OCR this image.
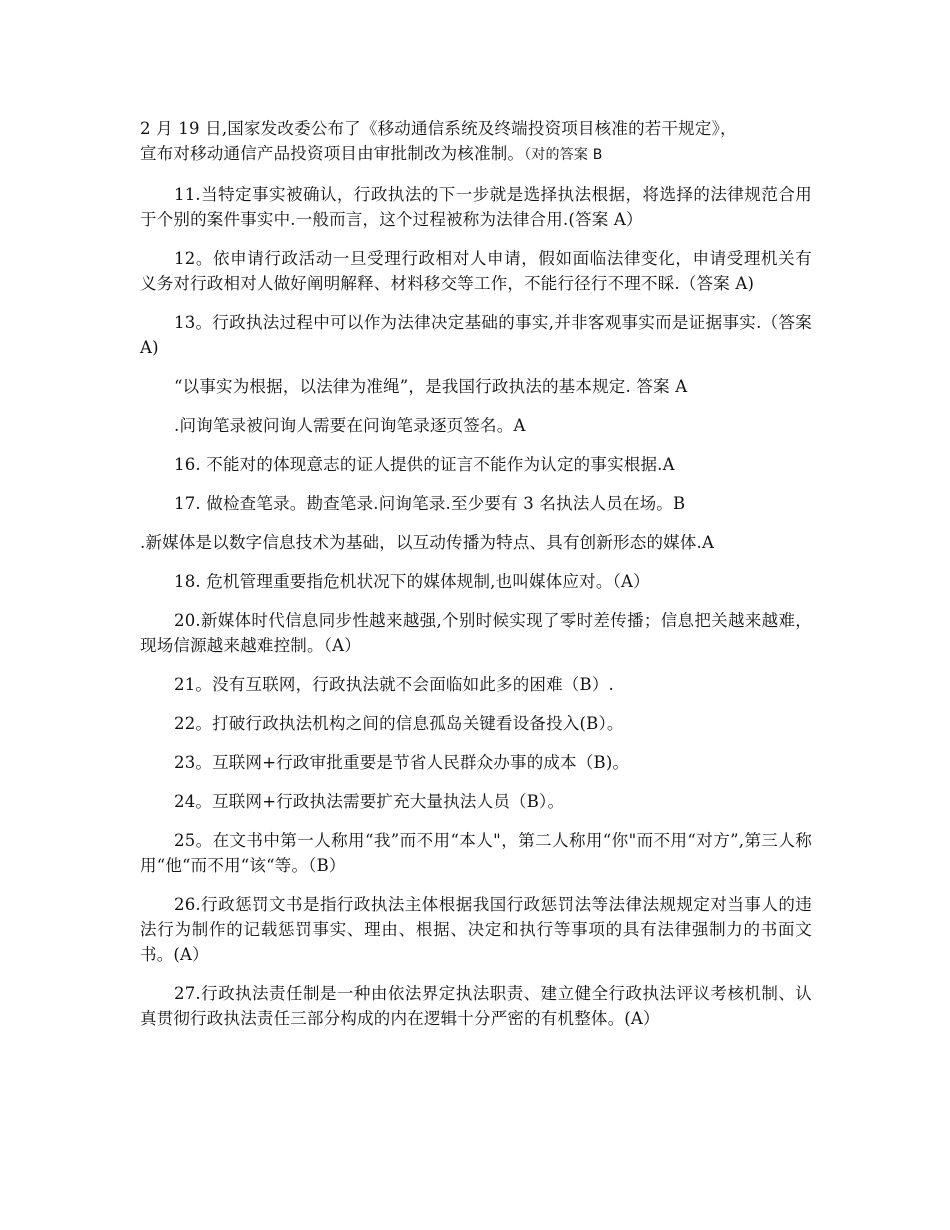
2 月 19 日,国家发改委公布了《移动通信系统及终端投资项目核准的若干规定》，
宣布对移动通信产品投资项目由审批制改为核准制。（对的答案 B

11.当特定事实被确认，行政执法的下一步就是选择执法根据，将选择的法律规范合用于个别的案件事实中.一般而言，这个过程被称为法律合用.(答案 A）

12。依申请行政活动一旦受理行政相对人申请，假如面临法律变化，申请受理机关有义务对行政相对人做好阐明解释、材料移交等工作，不能行径行不理不睬.（答案 A)

13。行政执法过程中可以作为法律决定基础的事实,并非客观事实而是证据事实.（答案 A)

“以事实为根据，以法律为准绳”，是我国行政执法的基本规定. 答案 A

.问询笔录被问询人需要在问询笔录逐页签名。A

16. 不能对的体现意志的证人提供的证言不能作为认定的事实根据.A

17. 做检查笔录。勘查笔录.问询笔录.至少要有 3 名执法人员在场。B

.新媒体是以数字信息技术为基础，以互动传播为特点、具有创新形态的媒体.A

18. 危机管理重要指危机状况下的媒体规制,也叫媒体应对。（A）

20.新媒体时代信息同步性越来越强,个别时候实现了零时差传播；信息把关越来越难，现场信源越来越难控制。（A）

21。没有互联网，行政执法就不会面临如此多的困难（B）.

22。打破行政执法机构之间的信息孤岛关键看设备投入(B）。

23。互联网+行政审批重要是节省人民群众办事的成本（B)。

24。互联网+行政执法需要扩充大量执法人员（B）。

25。在文书中第一人称用“我”而不用“本人"，第二人称用“你"而不用“对方”,第三人称用“他“而不用“该“等。（B）

26.行政惩罚文书是指行政执法主体根据我国行政惩罚法等法律法规规定对当事人的违法行为制作的记载惩罚事实、理由、根据、决定和执行等事项的具有法律强制力的书面文书。(A）

27.行政执法责任制是一种由依法界定执法职责、建立健全行政执法评议考核机制、认真贯彻行政执法责任三部分构成的内在逻辑十分严密的有机整体。(A）
